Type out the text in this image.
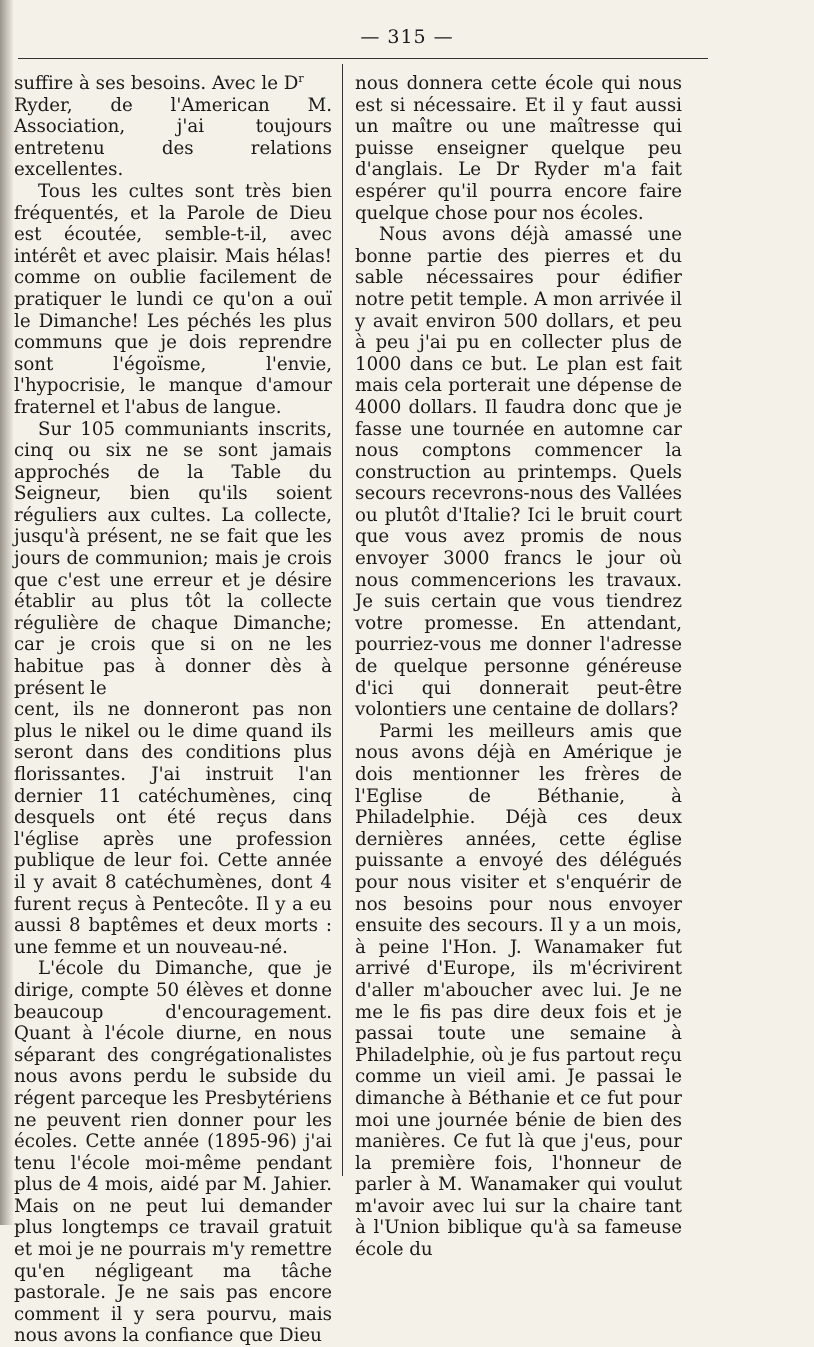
— 315 —

suffire à ses besoins. Avec le $D^r$

Ryder, de l'American M. Association, j'ai toujours entretenu des relations excellentes.

Tous les cultes sont très bien fréquentés, et la Parole de Dieu est écoutée, semble-t-il, avec intérêt et avec plaisir. Mais hélas! comme on oublie facilement de pratiquer le lundi ce qu'on a ouï le Dimanche! Les péchés les plus communs que je dois reprendre sont l'égoïsme, l'envie, l'hypocrisie, le manque d'amour fraternel et l'abus de langue.

Sur 105 communiants inscrits, cinq ou six ne se sont jamais approchés de la Table du Seigneur, bien qu'ils soient réguliers aux cultes. La collecte, jusqu'à présent, ne se fait que les jours de communion; mais je crois que c'est une erreur et je désire établir au plus tôt la collecte régulière de chaque Dimanche; car je crois que si on ne les habitue pas à donner dès à présent le

cent, ils ne donneront pas non plus le nikel ou le dime quand ils seront dans des conditions plus florissantes. J'ai instruit l'an dernier 11 catéchumènes, cinq desquels ont été reçus dans l'église après une profession publique de leur foi. Cette année il y avait 8 catéchumènes, dont 4 furent reçus à Pentecôte. Il y a eu aussi 8 baptêmes et deux morts : une femme et un nouveau-né.

L'école du Dimanche, que je dirige, compte 50 élèves et donne beaucoup d'encouragement. Quant à l'école diurne, en nous séparant des congrégationalistes nous avons perdu le subside du régent parceque les Presbytériens ne peuvent rien donner pour les écoles. Cette année (1895-96) j'ai tenu l'école moi-même pendant plus de 4 mois, aidé par M. Jahier. Mais on ne peut lui demander plus longtemps ce travail gratuit et moi je ne pourrais m'y remettre qu'en négligeant ma tâche pastorale. Je ne sais pas encore comment il y sera pourvu, mais nous avons la confiance que Dieu

nous donnera cette école qui nous est si nécessaire. Et il y faut aussi un maître ou une maîtresse qui puisse enseigner quelque peu d'anglais. Le Dr Ryder m'a fait espérer qu'il pourra encore faire quelque chose pour nos écoles.

Nous avons déjà amassé une bonne partie des pierres et du sable nécessaires pour édifier notre petit temple. A mon arrivée il y avait environ 500 dollars, et peu à peu j'ai pu en collecter plus de 1000 dans ce but. Le plan est fait mais cela porterait une dépense de 4000 dollars. Il faudra donc que je fasse une tournée en automne car nous comptons commencer la construction au printemps. Quels secours recevrons-nous des Vallées ou plutôt d'Italie? Ici le bruit court que vous avez promis de nous envoyer 3000 francs le jour où nous commencerions les travaux. Je suis certain que vous tiendrez votre promesse. En attendant, pourriez-vous me donner l'adresse de quelque personne généreuse d'ici qui donnerait peut-être volontiers une centaine de dollars?

Parmi les meilleurs amis que nous avons déjà en Amérique je dois mentionner les frères de l'Eglise de Béthanie, à Philadelphie. Déjà ces deux dernières années, cette église puissante a envoyé des délégués pour nous visiter et s'enquérir de nos besoins pour nous envoyer ensuite des secours. Il y a un mois, à peine l'Hon. J. Wanamaker fut arrivé d'Europe, ils m'écrivirent d'aller m'aboucher avec lui. Je ne me le fis pas dire deux fois et je passai toute une semaine à Philadelphie, où je fus partout reçu comme un vieil ami. Je passai le dimanche à Béthanie et ce fut pour moi une journée bénie de bien des manières. Ce fut là que j'eus, pour la première fois, l'honneur de parler à M. Wanamaker qui voulut m'avoir avec lui sur la chaire tant à l'Union biblique qu'à sa fameuse école du
